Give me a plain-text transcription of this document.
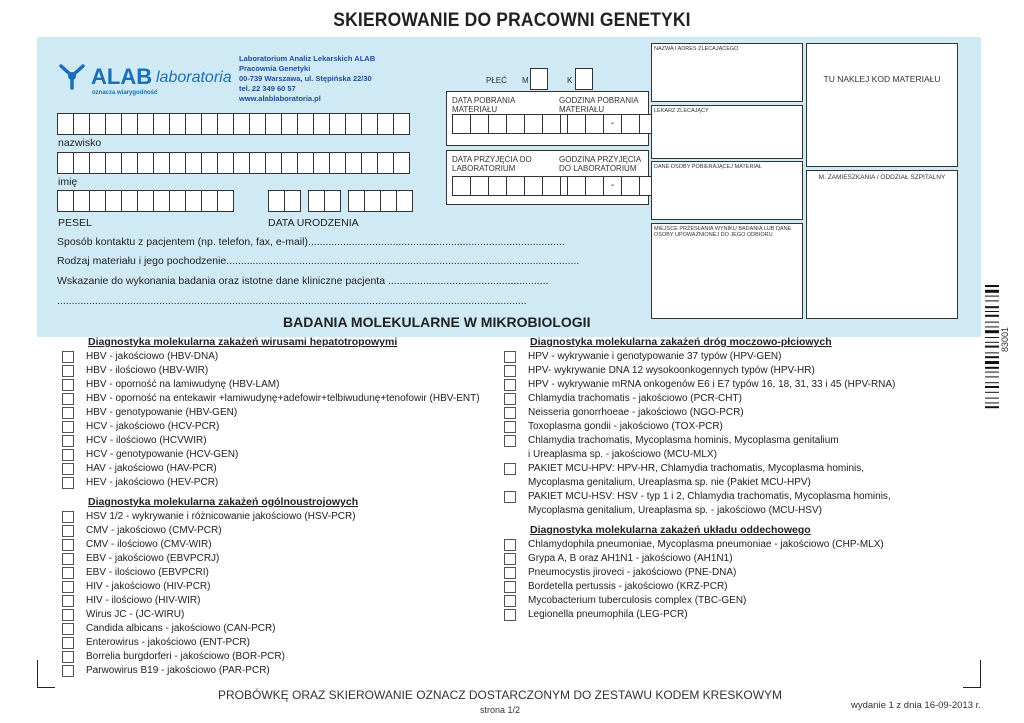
SKIEROWANIE DO PRACOWNI GENETYKI
ALAB laboratoria
oznacza wiarygodność
Laboratorium Analiz Lekarskich ALAB
Pracownia Genetyki
00-739 Warszawa, ul. Stępińska 22/30
tel. 22 349 60 57
www.alablaboratoria.pl
PŁEĆ M	K
nazwisko
imię
PESEL	DATA URODZENIA
DATA POBRANIA MATERIAŁU
GODZINA POBRANIA MATERIAŁU
-
DATA PRZYJĘCIA DO LABORATORIUM
GODZINA PRZYJĘCIA DO LABORATORIUM
-
NAZWA I ADRES ZLECAJĄCEGO
LEKARZ ZLECAJĄCY
DANE OSOBY POBIERAJĄCEJ MATERIAŁ
MIEJSCE PRZESŁANIA WYNIKU BADANIA LUB DANE OSOBY UPOWAŻNIONEJ DO JEGO ODBIORU
TU NAKLEJ KOD MATERIAŁU
M. ZAMIESZKANIA / ODDZIAŁ SZPITALNY
Sposób kontaktu z pacjentem (np. telefon, fax, e-mail)........................................................................................
Rodzaj materiału i jego pochodzenie.........................................................................................................................
Wskazanie do wykonania badania oraz istotne dane kliniczne pacjenta .......................................................
.................................................................................................................................................................
BADANIA MOLEKULARNE W MIKROBIOLOGII
Diagnostyka molekularna zakażeń wirusami hepatotropowymi
HBV - jakościowo (HBV-DNA)
HBV - ilościowo (HBV-WIR)
HBV - oporność na lamiwudynę (HBV-LAM)
HBV - oporność na entekawir +lamiwudynę+adefowir+telbiwudunę+tenofowir (HBV-ENT)
HBV - genotypowanie (HBV-GEN)
HCV - jakościowo (HCV-PCR)
HCV - ilościowo (HCVWIR)
HCV - genotypowanie (HCV-GEN)
HAV - jakościowo (HAV-PCR)
HEV - jakościowo (HEV-PCR)
Diagnostyka molekularna zakażeń ogólnoustrojowych
HSV 1/2 - wykrywanie i różnicowanie jakościowo (HSV-PCR)
CMV - jakościowo (CMV-PCR)
CMV - ilościowo (CMV-WIR)
EBV - jakościowo (EBVPCRJ)
EBV - ilościowo (EBVPCRI)
HIV - jakościowo (HIV-PCR)
HIV - ilościowo (HIV-WIR)
Wirus JC - (JC-WIRU)
Candida albicans - jakościowo (CAN-PCR)
Enterowirus - jakościowo (ENT-PCR)
Borrelia burgdorferi - jakościowo (BOR-PCR)
Parwowirus B19 - jakościowo (PAR-PCR)
Diagnostyka molekularna zakażeń dróg moczowo-płciowych
HPV - wykrywanie i genotypowanie 37 typów (HPV-GEN)
HPV- wykrywanie DNA 12 wysokoonkogennych typów (HPV-HR)
HPV - wykrywanie mRNA onkogenów E6 i E7 typów 16, 18, 31, 33 i 45 (HPV-RNA)
Chlamydia trachomatis - jakościowo (PCR-CHT)
Neisseria gonorrhoeae - jakościowo (NGO-PCR)
Toxoplasma gondii - jakościowo (TOX-PCR)
Chlamydia trachomatis, Mycoplasma hominis, Mycoplasma genitalium
i Ureaplasma sp. - jakościowo (MCU-MLX)
PAKIET MCU-HPV: HPV-HR, Chlamydia trachomatis, Mycoplasma hominis,
Mycoplasma genitalium, Ureaplasma sp. nie (Pakiet MCU-HPV)
PAKIET MCU-HSV: HSV - typ 1 i 2, Chlamydia trachomatis, Mycoplasma hominis,
Mycoplasma genitalium, Ureaplasma sp. - jakościowo (MCU-HSV)
Diagnostyka molekularna zakażeń układu oddechowego
Chlamydophila pneumoniae, Mycoplasma pneumoniae - jakościowo (CHP-MLX)
Grypa A, B oraz AH1N1 - jakościowo (AH1N1)
Pneumocystis jiroveci - jakościowo (PNE-DNA)
Bordetella pertussis - jakościowo (KRZ-PCR)
Mycobacterium tuberculosis complex (TBC-GEN)
Legionella pneumophila (LEG-PCR)
83001
PROBÓWKĘ ORAZ SKIEROWANIE OZNACZ DOSTARCZONYM DO ZESTAWU KODEM KRESKOWYM
strona 1/2	wydanie 1 z dnia 16-09-2013 r.
